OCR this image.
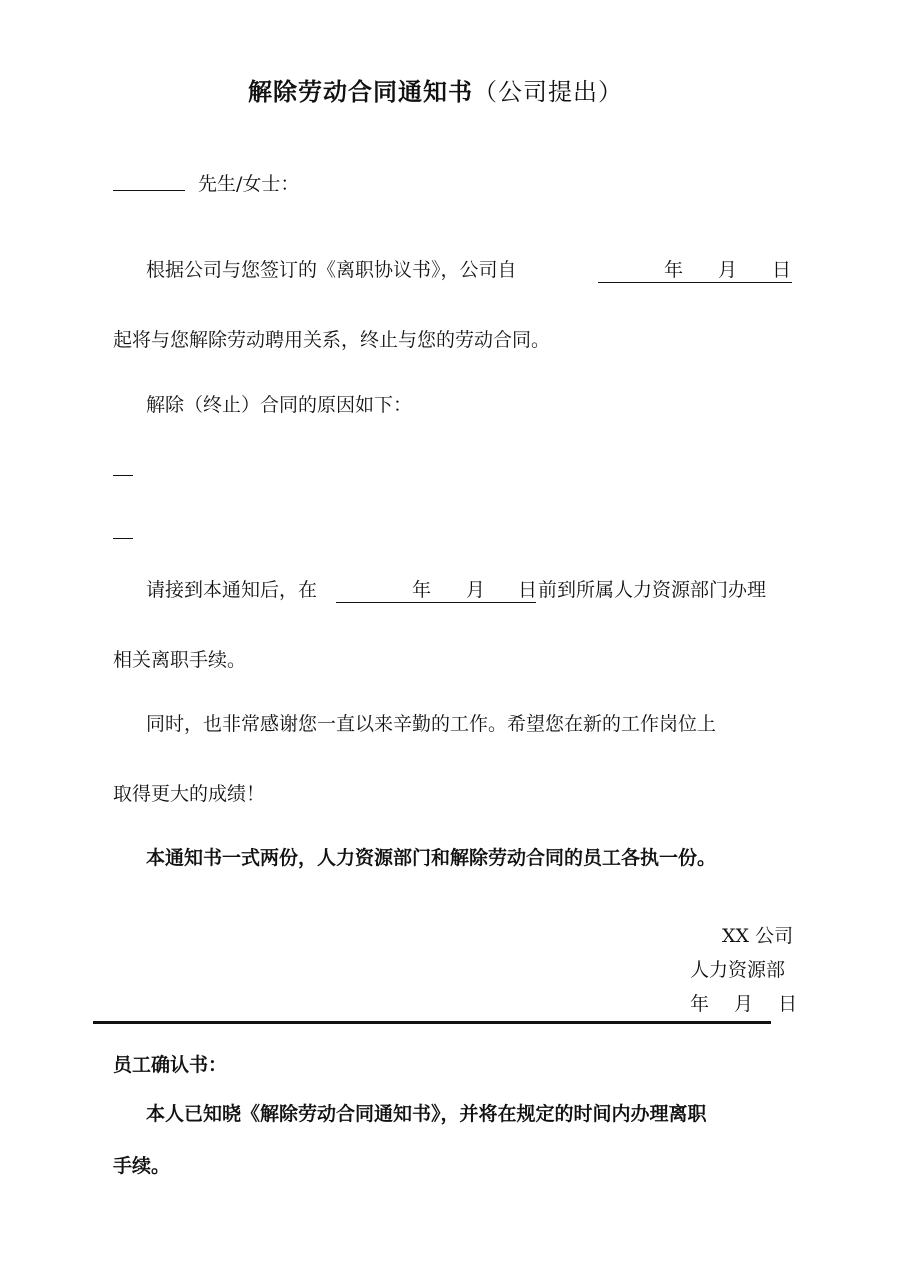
解除劳动合同通知书（公司提出）
先生/女士：
根据公司与您签订的《离职协议书》，公司自	年 月 日
起将与您解除劳动聘用关系，终止与您的劳动合同。
解除（终止）合同的原因如下：
请接到本通知后，在	年 月 日 前到所属人力资源部门办理
相关离职手续。
同时，也非常感谢您一直以来辛勤的工作。希望您在新的工作岗位上
取得更大的成绩！
本通知书一式两份，人力资源部门和解除劳动合同的员工各执一份。
XX 公司
人力资源部
年　 月　 日
员工确认书：
本人已知晓《解除劳动合同通知书》，并将在规定的时间内办理离职
手续。
